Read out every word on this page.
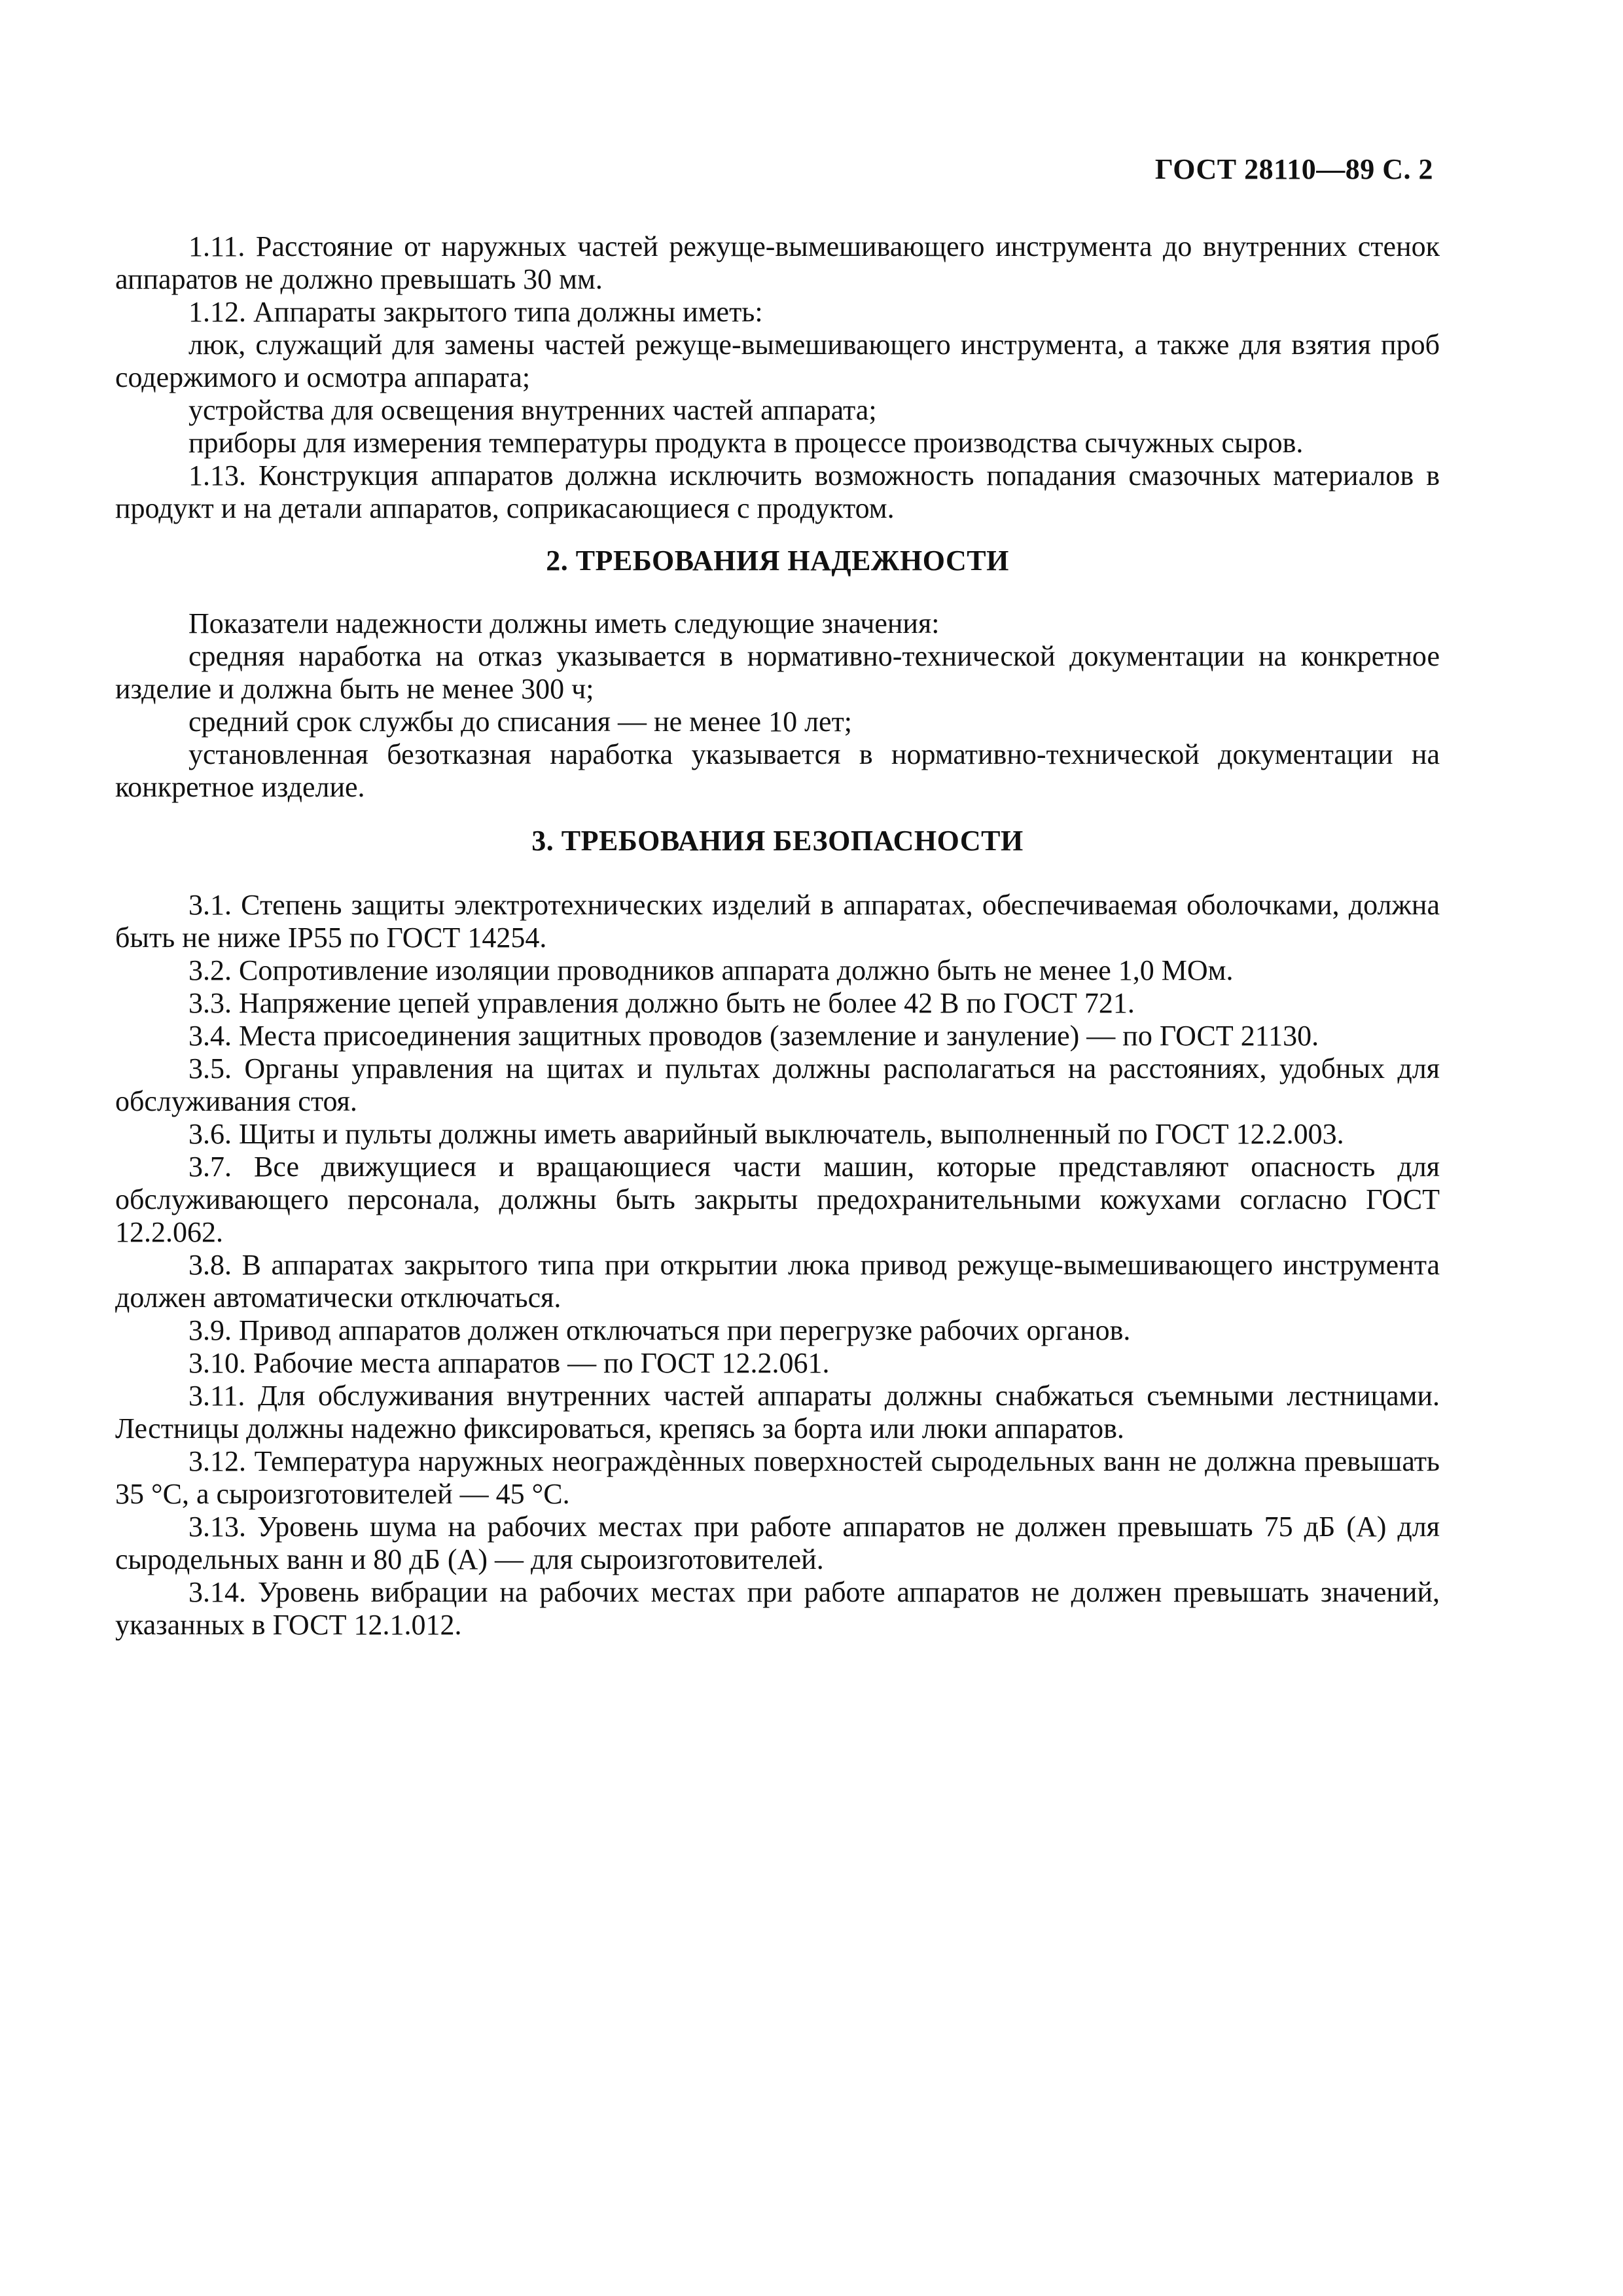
ГОСТ 28110—89 С. 2

1.11. Расстояние от наружных частей режуще-вымешивающего инструмента до внутренних стенок аппаратов не должно превышать 30 мм.

1.12. Аппараты закрытого типа должны иметь:

люк, служащий для замены частей режуще-вымешивающего инструмента, а также для взятия проб содержимого и осмотра аппарата;

устройства для освещения внутренних частей аппарата;

приборы для измерения температуры продукта в процессе производства сычужных сыров.

1.13. Конструкция аппаратов должна исключить возможность попадания смазочных материалов в продукт и на детали аппаратов, соприкасающиеся с продуктом.

2. ТРЕБОВАНИЯ НАДЕЖНОСТИ

Показатели надежности должны иметь следующие значения:

средняя наработка на отказ указывается в нормативно-технической документации на конкретное изделие и должна быть не менее 300 ч;

средний срок службы до списания — не менее 10 лет;

установленная безотказная наработка указывается в нормативно-технической документации на конкретное изделие.

3. ТРЕБОВАНИЯ БЕЗОПАСНОСТИ

3.1. Степень защиты электротехнических изделий в аппаратах, обеспечиваемая оболочками, должна быть не ниже IP55 по ГОСТ 14254.

3.2. Сопротивление изоляции проводников аппарата должно быть не менее 1,0 МОм.

3.3. Напряжение цепей управления должно быть не более 42 В по ГОСТ 721.

3.4. Места присоединения защитных проводов (заземление и зануление) — по ГОСТ 21130.

3.5. Органы управления на щитах и пультах должны располагаться на расстояниях, удобных для обслуживания стоя.

3.6. Щиты и пульты должны иметь аварийный выключатель, выполненный по ГОСТ 12.2.003.

3.7. Все движущиеся и вращающиеся части машин, которые представляют опасность для обслуживающего персонала, должны быть закрыты предохранительными кожухами согласно ГОСТ 12.2.062.

3.8. В аппаратах закрытого типа при открытии люка привод режуще-вымешивающего инструмента должен автоматически отключаться.

3.9. Привод аппаратов должен отключаться при перегрузке рабочих органов.

3.10. Рабочие места аппаратов — по ГОСТ 12.2.061.

3.11. Для обслуживания внутренних частей аппараты должны снабжаться съемными лестницами. Лестницы должны надежно фиксироваться, крепясь за борта или люки аппаратов.

3.12. Температура наружных неограждѐнных поверхностей сыродельных ванн не должна превышать 35 °С, а сыроизготовителей — 45 °С.

3.13. Уровень шума на рабочих местах при работе аппаратов не должен превышать 75 дБ (А) для сыродельных ванн и 80 дБ (А) — для сыроизготовителей.

3.14. Уровень вибрации на рабочих местах при работе аппаратов не должен превышать значений, указанных в ГОСТ 12.1.012.
